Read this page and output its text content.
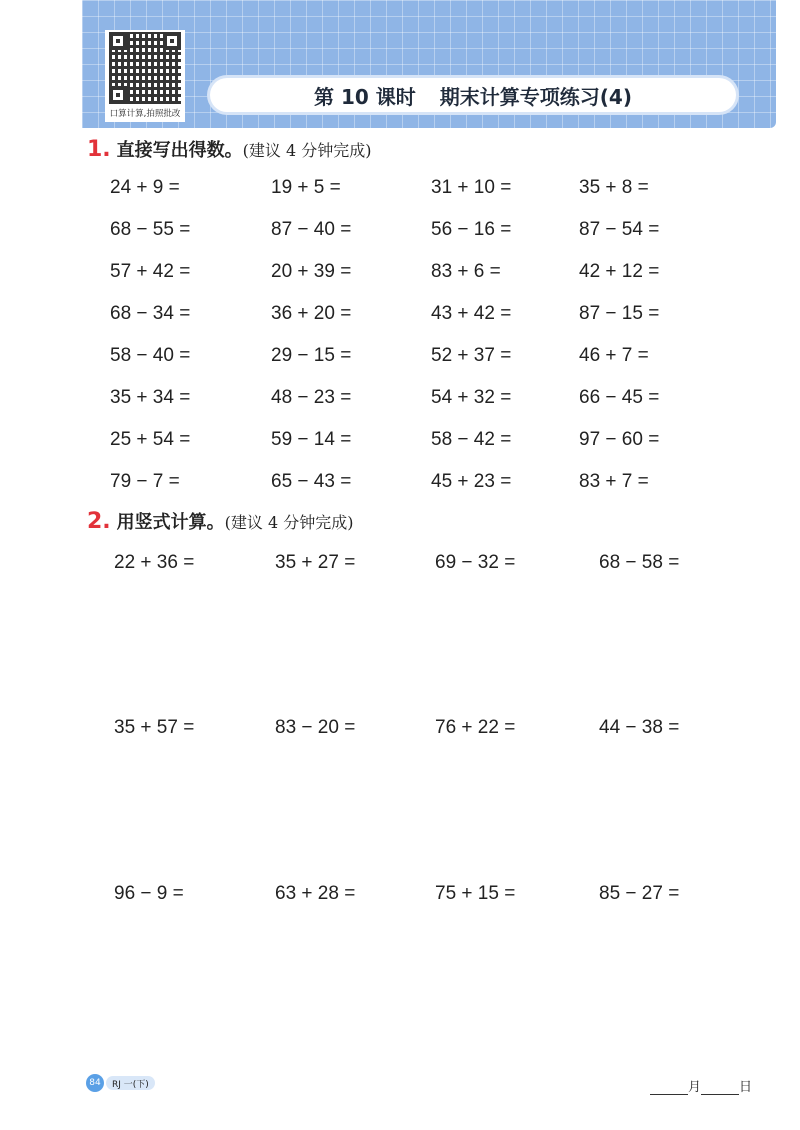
口算计算,拍照批改
第 10 课时 期末计算专项练习(4)
1. 直接写出得数。 (建议 4 分钟完成)
24 + 9 =	19 + 5 =	31 + 10 =	35 + 8 =
68 − 55 =	87 − 40 =	56 − 16 =	87 − 54 =
57 + 42 =	20 + 39 =	83 + 6 =	42 + 12 =
68 − 34 =	36 + 20 =	43 + 42 =	87 − 15 =
58 − 40 =	29 − 15 =	52 + 37 =	46 + 7 =
35 + 34 =	48 − 23 =	54 + 32 =	66 − 45 =
25 + 54 =	59 − 14 =	58 − 42 =	97 − 60 =
79 − 7 =	65 − 43 =	45 + 23 =	83 + 7 =
2. 用竖式计算。 (建议 4 分钟完成)
22 + 36 =	35 + 27 =	69 − 32 =	68 − 58 =
35 + 57 =	83 − 20 =	76 + 22 =	44 − 38 =
96 − 9 =	63 + 28 =	75 + 15 =	85 − 27 =
84	RJ 一(下)	月	日
